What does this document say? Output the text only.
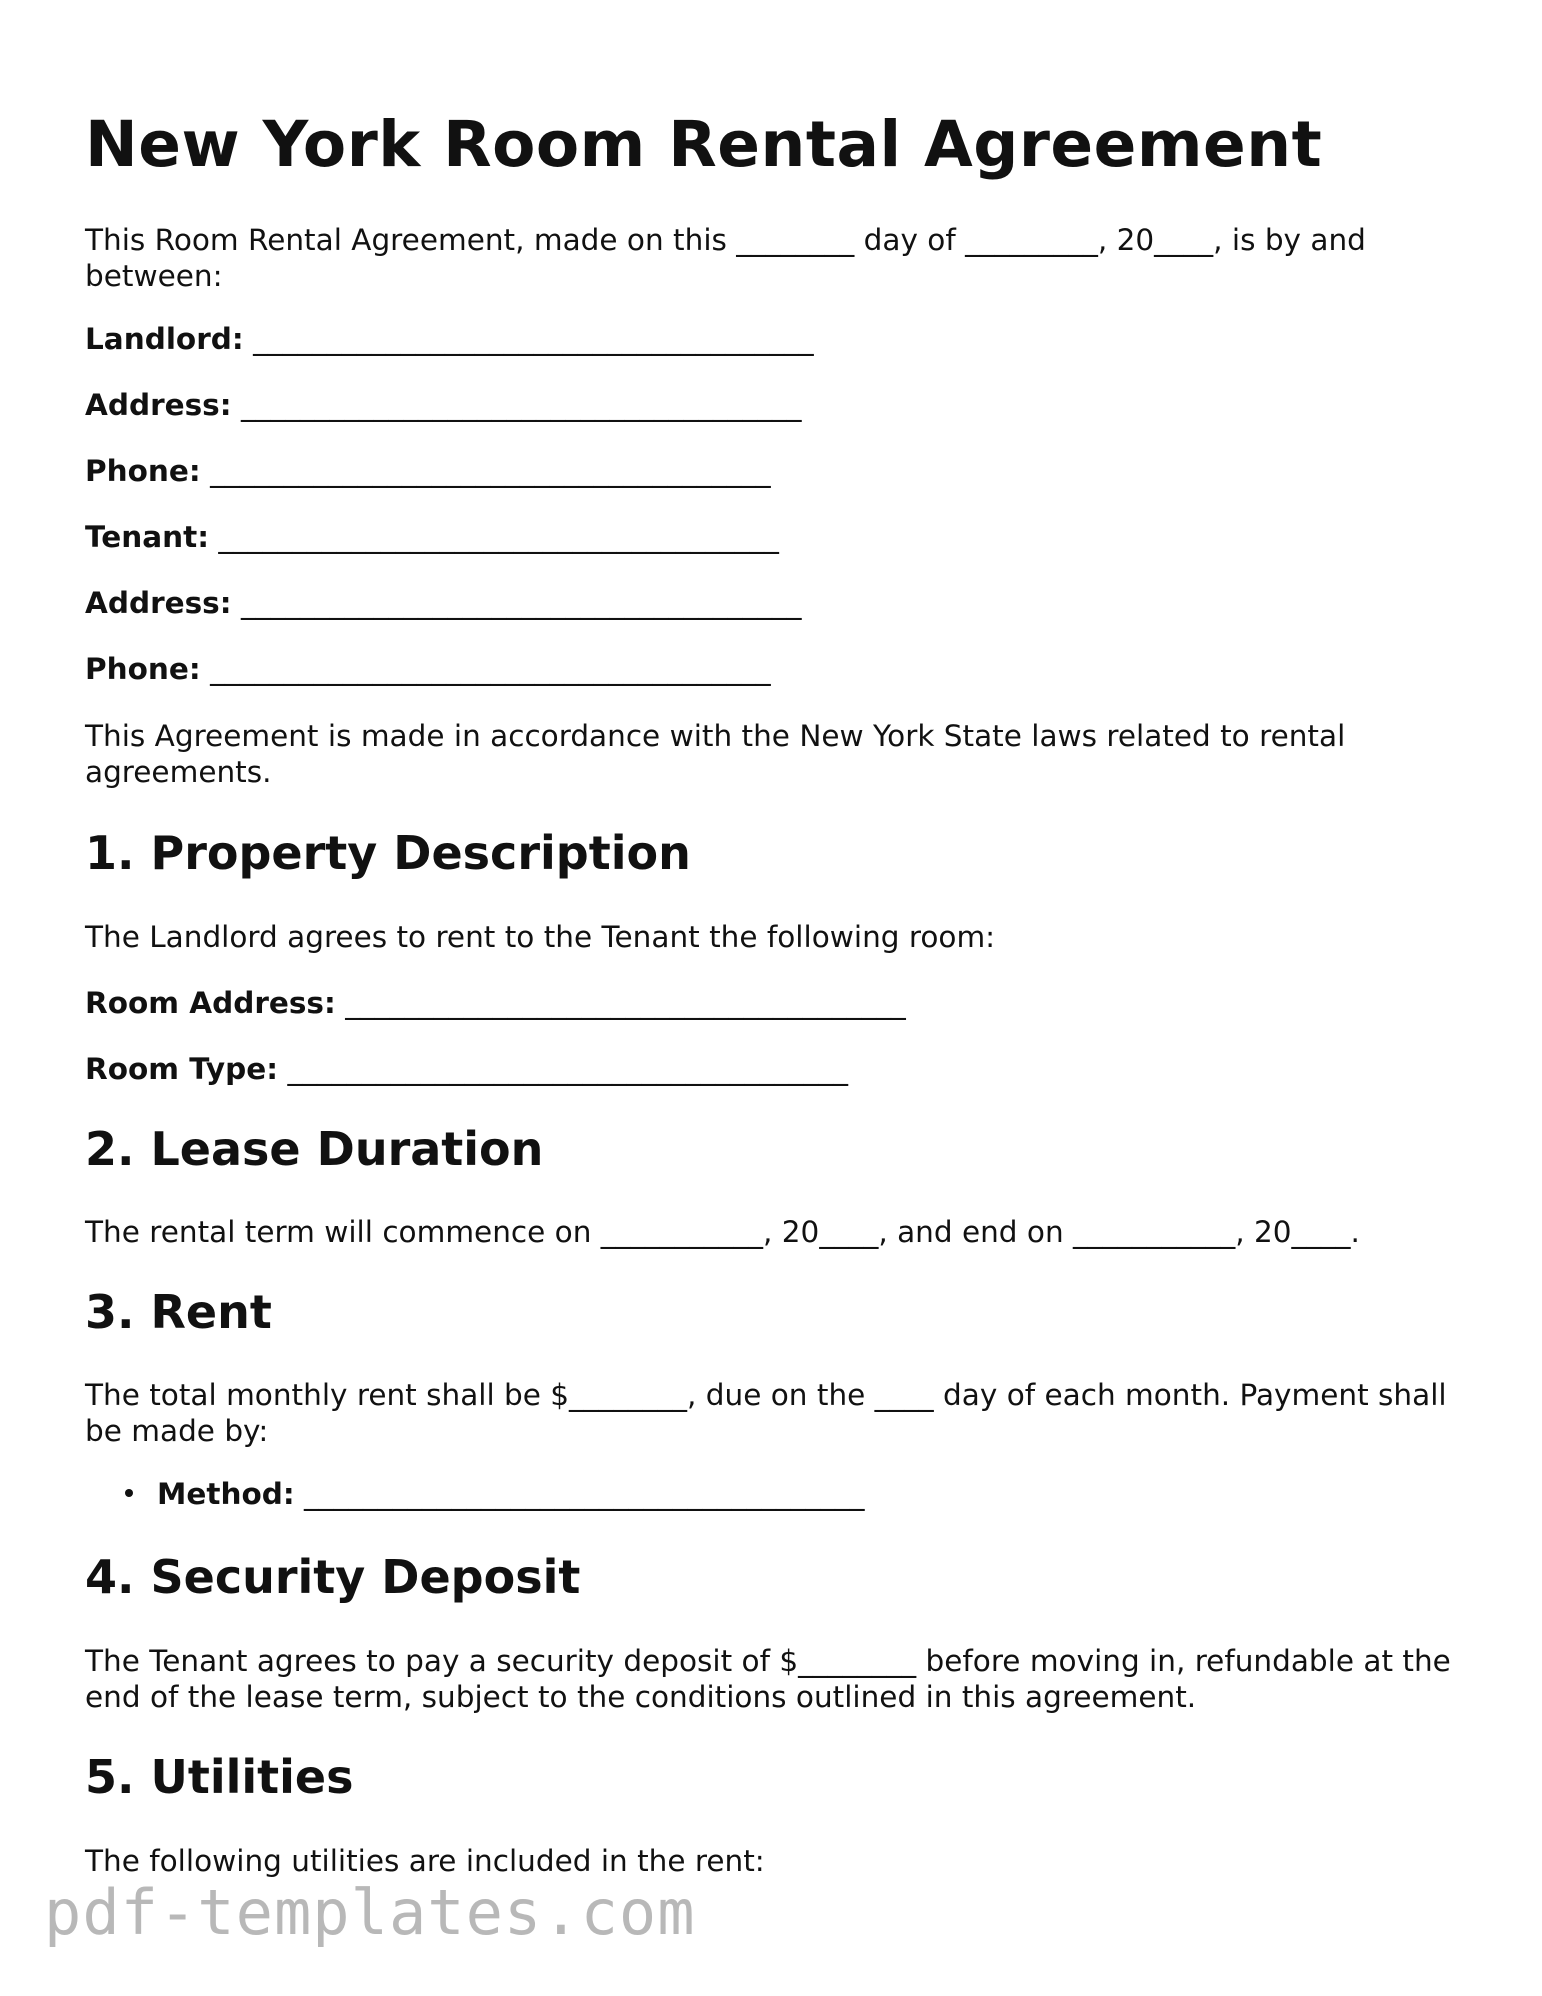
New York Room Rental Agreement

This Room Rental Agreement, made on this ________ day of _________, 20____, is by and between:

Landlord: ______________________________________
Address: ______________________________________
Phone: ______________________________________
Tenant: ______________________________________
Address: ______________________________________
Phone: ______________________________________

This Agreement is made in accordance with the New York State laws related to rental agreements.

1. Property Description

The Landlord agrees to rent to the Tenant the following room:

Room Address: ______________________________________
Room Type: ______________________________________
2. Lease Duration

The rental term will commence on ___________, 20____, and end on ___________, 20____.

3. Rent

The total monthly rent shall be $________, due on the ____ day of each month. Payment shall be made by:

Method: ______________________________________
4. Security Deposit

The Tenant agrees to pay a security deposit of $________ before moving in, refundable at the end of the lease term, subject to the conditions outlined in this agreement.

5. Utilities

The following utilities are included in the rent:

pdf-templates.com
